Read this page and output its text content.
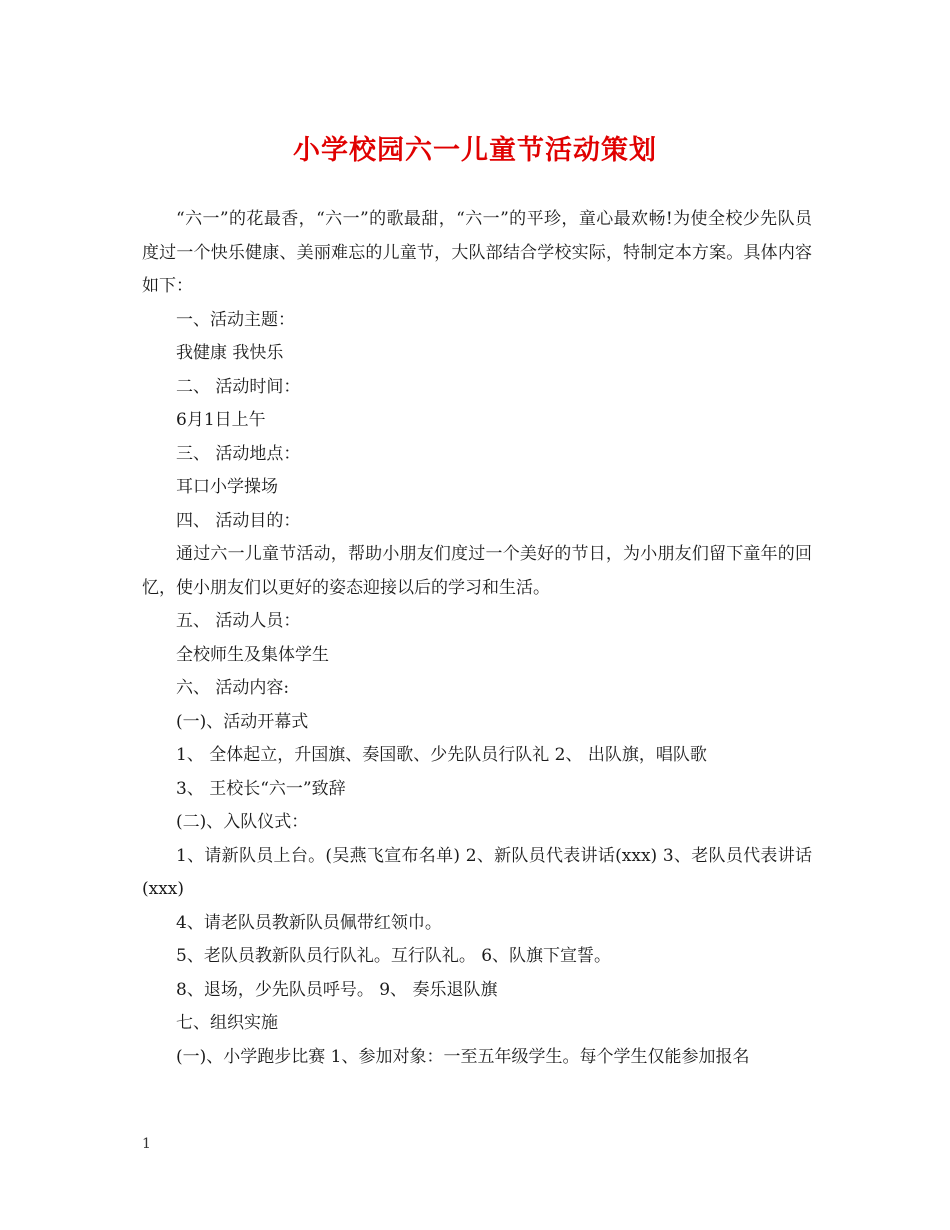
小学校园六一儿童节活动策划

“六一”的花最香，“六一”的歌最甜，“六一”的平珍，童心最欢畅!为使全校少先队员度过一个快乐健康、美丽难忘的儿童节，大队部结合学校实际，特制定本方案。具体内容如下：

一、活动主题：

我健康 我快乐

二、 活动时间：

6月1日上午

三、 活动地点：

耳口小学操场

四、 活动目的：

通过六一儿童节活动，帮助小朋友们度过一个美好的节日，为小朋友们留下童年的回忆，使小朋友们以更好的姿态迎接以后的学习和生活。

五、 活动人员：

全校师生及集体学生

六、 活动内容:

(一)、活动开幕式

1、 全体起立，升国旗、奏国歌、少先队员行队礼 2、 出队旗，唱队歌

3、 王校长“六一”致辞

(二)、入队仪式：

1、请新队员上台。(吴燕飞宣布名单) 2、新队员代表讲话(xxx) 3、老队员代表讲话(xxx)

4、请老队员教新队员佩带红领巾。

5、老队员教新队员行队礼。互行队礼。 6、队旗下宣誓。

8、退场，少先队员呼号。 9、 奏乐退队旗

七、组织实施

(一)、小学跑步比赛 1、参加对象：一至五年级学生。每个学生仅能参加报名

1
